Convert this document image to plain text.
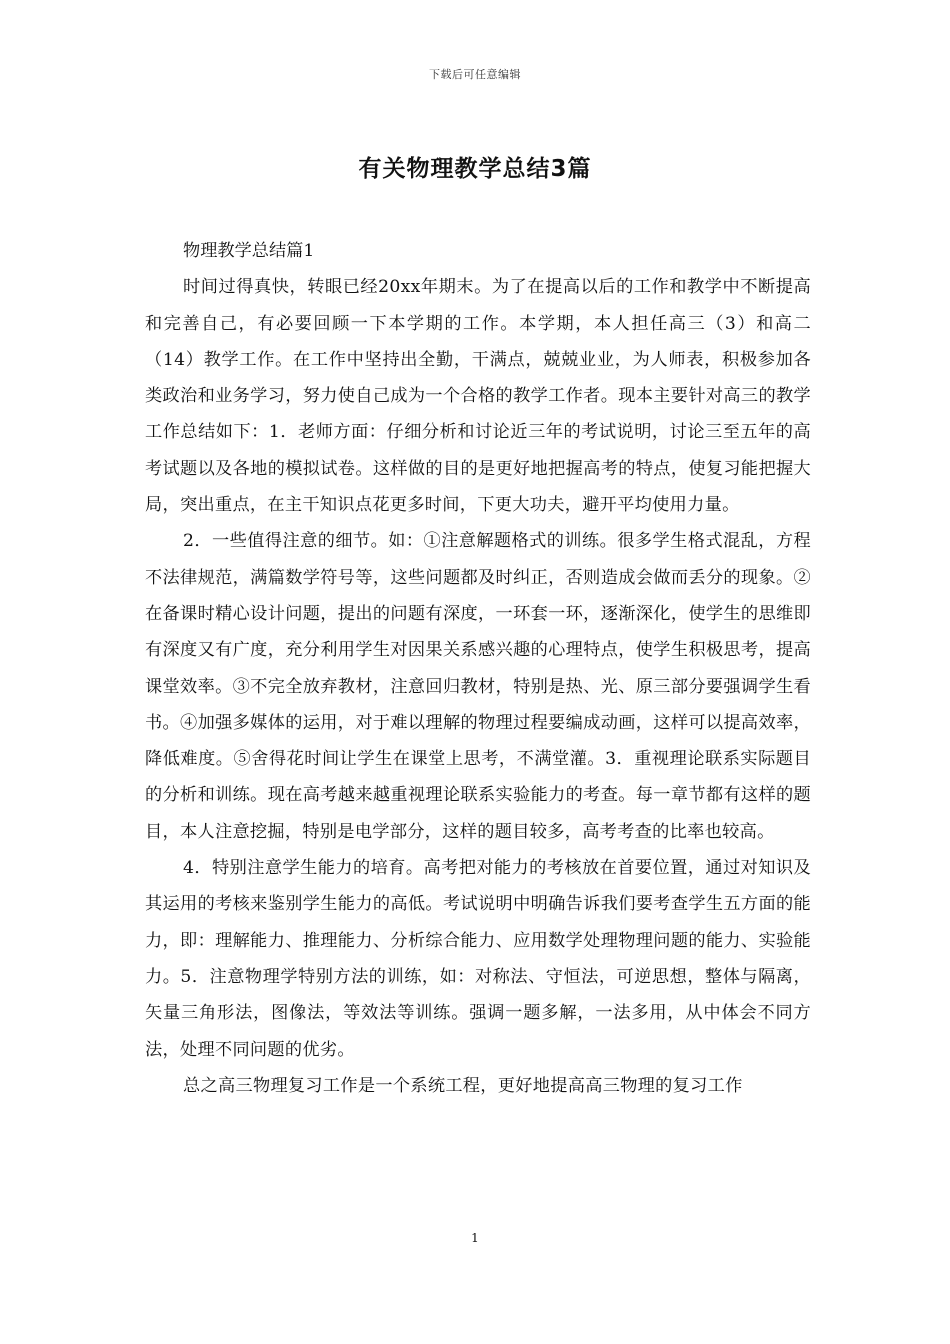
下载后可任意编辑
有关物理教学总结3篇

物理教学总结篇1

时间过得真快，转眼已经20xx年期末。为了在提高以后的工作和教学中不断提高和完善自己，有必要回顾一下本学期的工作。本学期，本人担任高三（3）和高二（14）教学工作。在工作中坚持出全勤，干满点，兢兢业业，为人师表，积极参加各类政治和业务学习，努力使自己成为一个合格的教学工作者。现本主要针对高三的教学工作总结如下：1．老师方面：仔细分析和讨论近三年的考试说明，讨论三至五年的高考试题以及各地的模拟试卷。这样做的目的是更好地把握高考的特点，使复习能把握大局，突出重点，在主干知识点花更多时间，下更大功夫，避开平均使用力量。

2．一些值得注意的细节。如：①注意解题格式的训练。很多学生格式混乱，方程不法律规范，满篇数学符号等，这些问题都及时纠正，否则造成会做而丢分的现象。②在备课时精心设计问题，提出的问题有深度，一环套一环，逐渐深化，使学生的思维即有深度又有广度，充分利用学生对因果关系感兴趣的心理特点，使学生积极思考，提高课堂效率。③不完全放弃教材，注意回归教材，特别是热、光、原三部分要强调学生看书。④加强多媒体的运用，对于难以理解的物理过程要编成动画，这样可以提高效率，降低难度。⑤舍得花时间让学生在课堂上思考，不满堂灌。3．重视理论联系实际题目的分析和训练。现在高考越来越重视理论联系实验能力的考查。每一章节都有这样的题目，本人注意挖掘，特别是电学部分，这样的题目较多，高考考查的比率也较高。

4．特别注意学生能力的培育。高考把对能力的考核放在首要位置，通过对知识及其运用的考核来鉴别学生能力的高低。考试说明中明确告诉我们要考查学生五方面的能力，即：理解能力、推理能力、分析综合能力、应用数学处理物理问题的能力、实验能力。5．注意物理学特别方法的训练，如：对称法、守恒法，可逆思想，整体与隔离，矢量三角形法，图像法，等效法等训练。强调一题多解，一法多用，从中体会不同方法，处理不同问题的优劣。

总之高三物理复习工作是一个系统工程，更好地提高高三物理的复习工作

1
